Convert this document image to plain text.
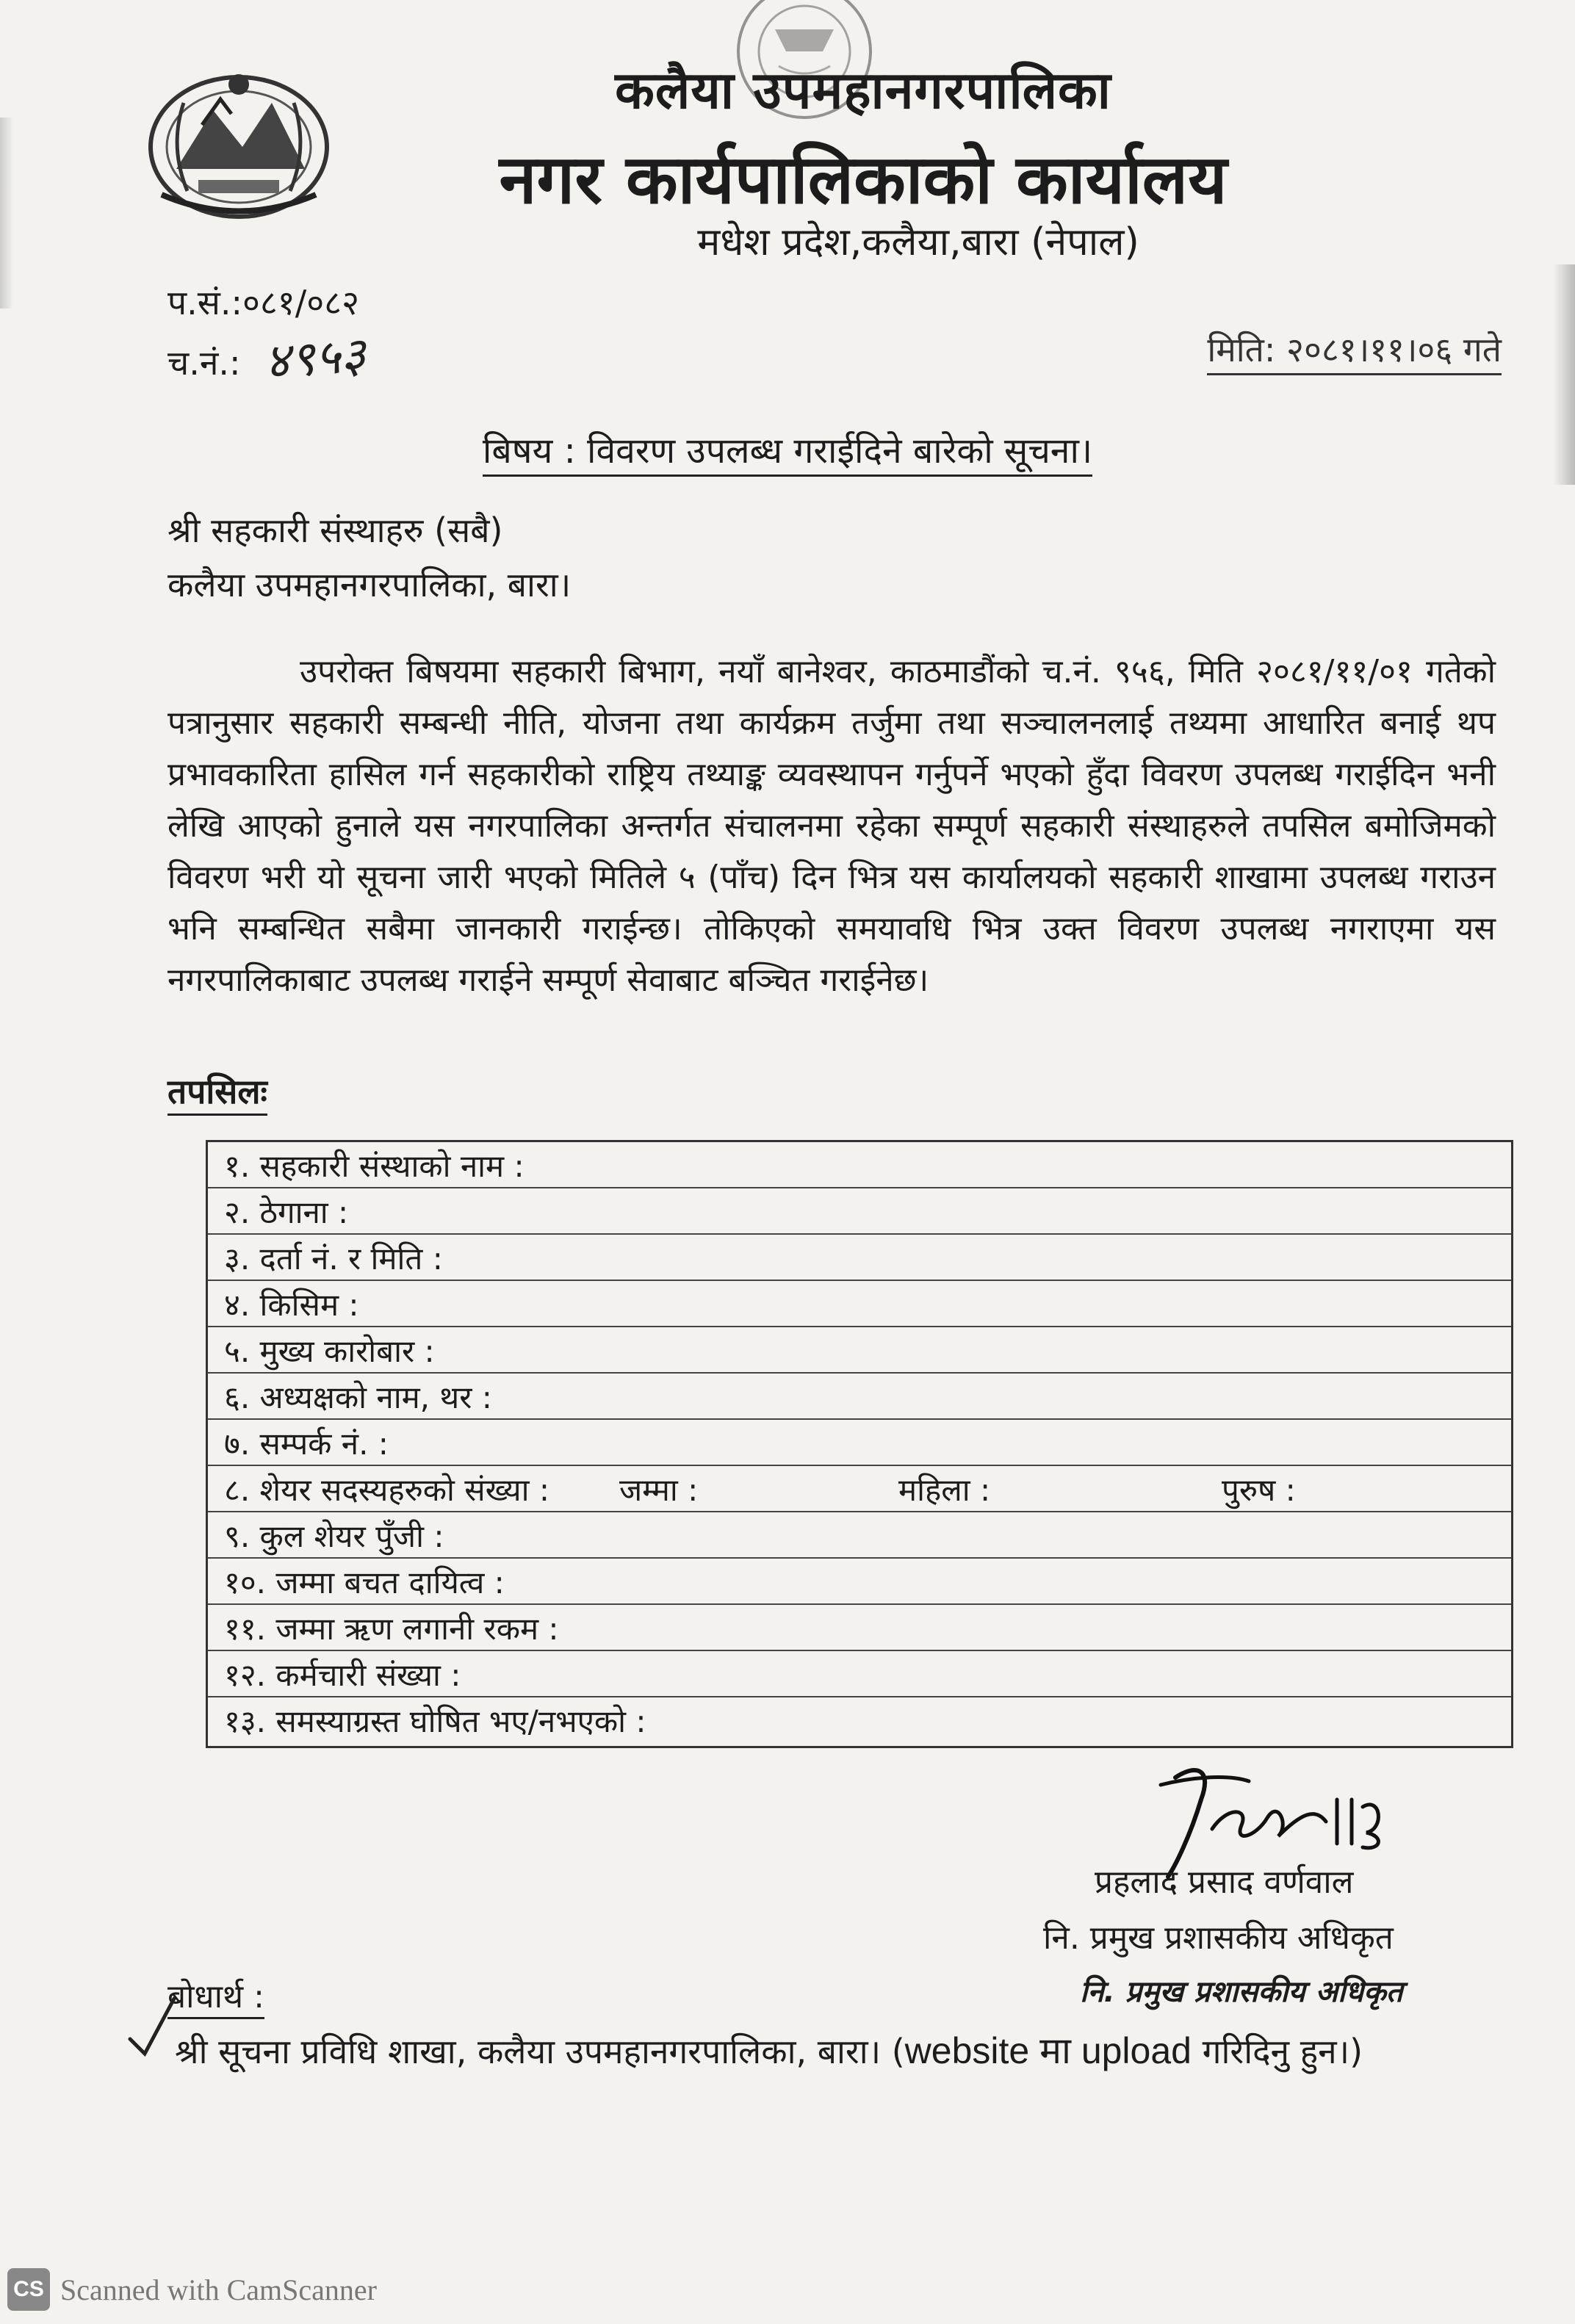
कलैया उपमहानगरपालिका
नगर कार्यपालिकाको कार्यालय
मधेश प्रदेश,कलैया,बारा (नेपाल)
प.सं.:०८१/०८२
च.नं.: ४९५३	मिति: २०८१।११।०६ गते
बिषय : विवरण उपलब्ध गराईदिने बारेको सूचना।
श्री सहकारी संस्थाहरु (सबै)
कलैया उपमहानगरपालिका, बारा।
उपरोक्त बिषयमा सहकारी बिभाग, नयाँ बानेश्वर, काठमाडौंको च.नं. ९५६, मिति २०८१/११/०१ गतेको पत्रानुसार सहकारी सम्बन्धी नीति, योजना तथा कार्यक्रम तर्जुमा तथा सञ्चालनलाई तथ्यमा आधारित बनाई थप प्रभावकारिता हासिल गर्न सहकारीको राष्ट्रिय तथ्याङ्क व्यवस्थापन गर्नुपर्ने भएको हुँदा विवरण उपलब्ध गराईदिन भनी लेखि आएको हुनाले यस नगरपालिका अन्तर्गत संचालनमा रहेका सम्पूर्ण सहकारी संस्थाहरुले तपसिल बमोजिमको विवरण भरी यो सूचना जारी भएको मितिले ५ (पाँच) दिन भित्र यस कार्यालयको सहकारी शाखामा उपलब्ध गराउन भनि सम्बन्धित सबैमा जानकारी गराईन्छ। तोकिएको समयावधि भित्र उक्त विवरण उपलब्ध नगराएमा यस नगरपालिकाबाट उपलब्ध गराईने सम्पूर्ण सेवाबाट बञ्चित गराईनेछ।
तपसिलः
१. सहकारी संस्थाको नाम :
२. ठेगाना :
३. दर्ता नं. र मिति :
४. किसिम :
५. मुख्य कारोबार :
६. अध्यक्षको नाम, थर :
७. सम्पर्क नं. :
८. शेयर सदस्यहरुको संख्या : जम्मा :	महिला :	पुरुष :
९. कुल शेयर पुँजी :
१०. जम्मा बचत दायित्व :
११. जम्मा ऋण लगानी रकम :
१२. कर्मचारी संख्या :
१३. समस्याग्रस्त घोषित भए/नभएको :
प्रहलाद प्रसाद वर्णवाल
नि. प्रमुख प्रशासकीय अधिकृत
नि. प्रमुख प्रशासकीय अधिकृत
बोधार्थ :
श्री सूचना प्रविधि शाखा, कलैया उपमहानगरपालिका, बारा। (website मा upload गरिदिनु हुन।)
CS Scanned with CamScanner
